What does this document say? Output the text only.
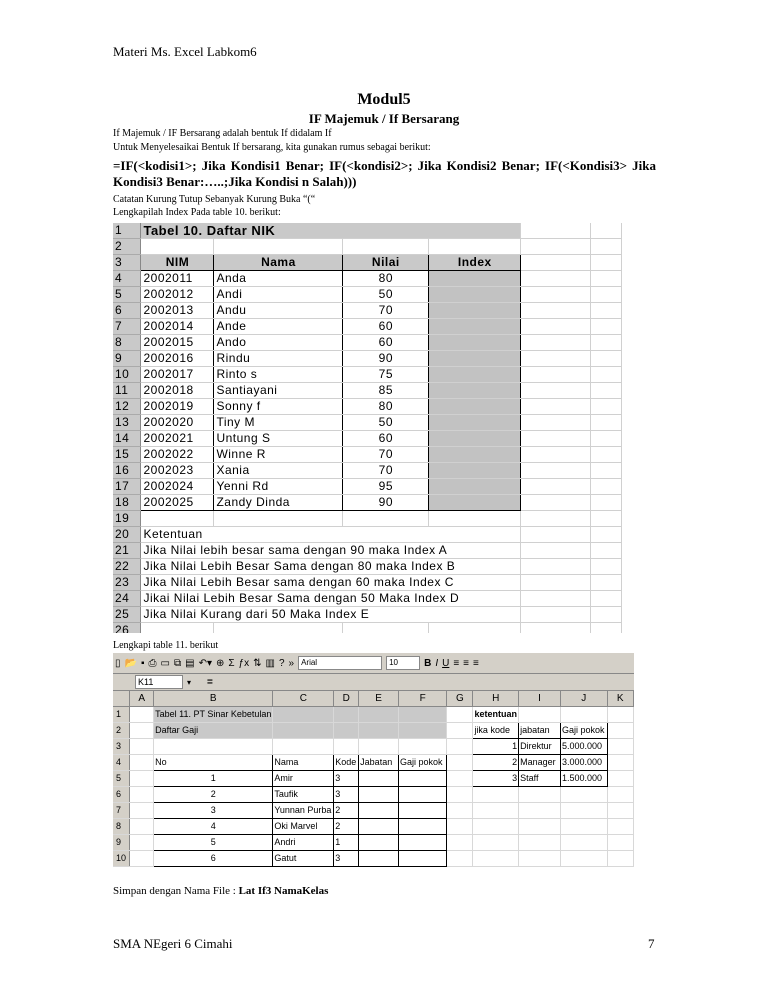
Materi Ms. Excel Labkom6
Modul5
IF Majemuk / If Bersarang
If Majemuk / IF Bersarang adalah bentuk If didalam If
Untuk Menyelesaikai Bentuk If bersarang, kita gunakan rumus sebagai berikut:
=IF(<kodisi1>; Jika Kondisi1 Benar; IF(<kondisi2>; Jika Kondisi2 Benar; IF(<Kondisi3> Jika Kondisi3 Benar:…..;Jika Kondisi n Salah)))
Catatan Kurung Tutup Sebanyak Kurung Buka “(“
Lengkapilah Index Pada table 10. berikut:
1	Tabel 10. Daftar NIK					
2						
3	NIM	Nama	Nilai	Index		
4	2002011	Anda	80			
5	2002012	Andi	50			
6	2002013	Andu	70			
7	2002014	Ande	60			
8	2002015	Ando	60			
9	2002016	Rindu	90			
10	2002017	Rinto s	75			
11	2002018	Santiayani	85			
12	2002019	Sonny f	80			
13	2002020	Tiny M	50			
14	2002021	Untung S	60			
15	2002022	Winne R	70			
16	2002023	Xania	70			
17	2002024	Yenni Rd	95			
18	2002025	Zandy Dinda	90			
19						
20	Ketentuan					
21	Jika Nilai lebih besar sama dengan 90 maka Index A					
22	Jika Nilai Lebih Besar Sama dengan 80 maka Index B					
23	Jika Nilai Lebih Besar sama dengan 60 maka Index C					
24	Jikai Nilai Lebih Besar Sama dengan 50 Maka Index D					
25	Jika Nilai Kurang dari 50 Maka Index E					
26						
Lengkapi table 11. berikut
▯ 📂 ▪ ⎙ ▭ ⧉ ▤ ↶▾ ⊕ Σ ƒx ⇅ ▥ ? » Arial	10	B I U ≡ ≡ ≡
K11	▾ =
	A	B	C	D	E	F	G	H	I	J	K
1		Tabel 11. PT Sinar Kebetulan						ketentuan			
2		Daftar Gaji						jika kode	jabatan	Gaji pokok	
3								1	Direktur	5.000.000	
4		No	Nama	Kode	Jabatan	Gaji pokok		2	Manager	3.000.000	
5		1	Amir	3				3	Staff	1.500.000	
6		2	Taufik	3							
7		3	Yunnan Purba	2							
8		4	Oki Marvel	2							
9		5	Andri	1							
10		6	Gatut	3							
Simpan dengan Nama File : Lat If3 NamaKelas
SMA NEgeri 6 Cimahi	7
